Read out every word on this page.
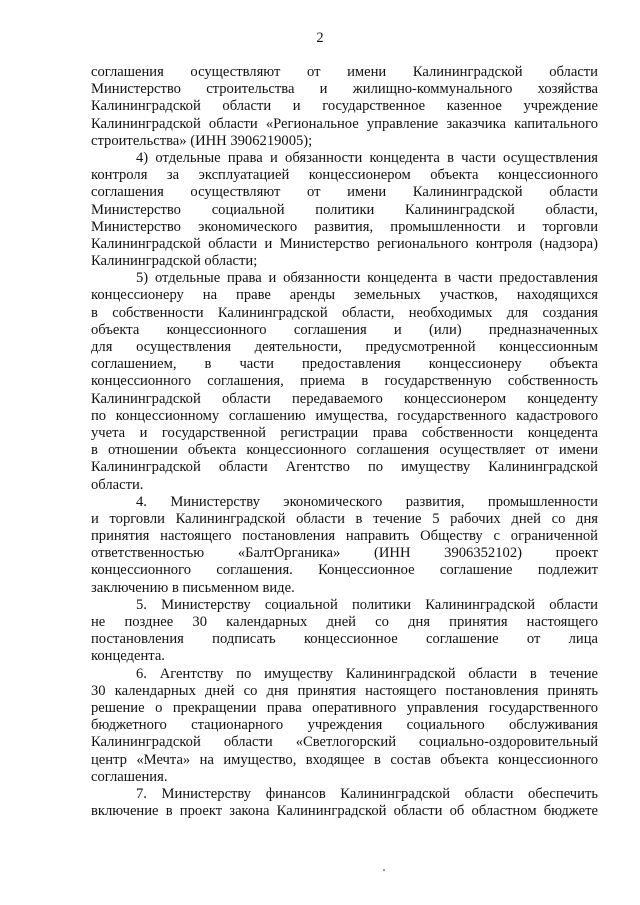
2
соглашения осуществляют от имени Калининградской области
Министерство строительства и жилищно-коммунального хозяйства
Калининградской области и государственное казенное учреждение
Калининградской области «Региональное управление заказчика капитального
строительства» (ИНН 3906219005);
4) отдельные права и обязанности концедента в части осуществления
контроля за эксплуатацией концессионером объекта концессионного
соглашения осуществляют от имени Калининградской области
Министерство социальной политики Калининградской области,
Министерство экономического развития, промышленности и торговли
Калининградской области и Министерство регионального контроля (надзора)
Калининградской области;
5) отдельные права и обязанности концедента в части предоставления
концессионеру на праве аренды земельных участков, находящихся
в собственности Калининградской области, необходимых для создания
объекта концессионного соглашения и (или) предназначенных
для осуществления деятельности, предусмотренной концессионным
соглашением, в части предоставления концессионеру объекта
концессионного соглашения, приема в государственную собственность
Калининградской области передаваемого концессионером концеденту
по концессионному соглашению имущества, государственного кадастрового
учета и государственной регистрации права собственности концедента
в отношении объекта концессионного соглашения осуществляет от имени
Калининградской области Агентство по имуществу Калининградской
области.
4. Министерству экономического развития, промышленности
и торговли Калининградской области в течение 5 рабочих дней со дня
принятия настоящего постановления направить Обществу с ограниченной
ответственностью «БалтОрганика» (ИНН 3906352102) проект
концессионного соглашения. Концессионное соглашение подлежит
заключению в письменном виде.
5. Министерству социальной политики Калининградской области
не позднее 30 календарных дней со дня принятия настоящего
постановления подписать концессионное соглашение от лица
концедента.
6. Агентству по имуществу Калининградской области в течение
30 календарных дней со дня принятия настоящего постановления принять
решение о прекращении права оперативного управления государственного
бюджетного стационарного учреждения социального обслуживания
Калининградской области «Светлогорский социально-оздоровительный
центр «Мечта» на имущество, входящее в состав объекта концессионного
соглашения.
7. Министерству финансов Калининградской области обеспечить
включение в проект закона Калининградской области об областном бюджете
